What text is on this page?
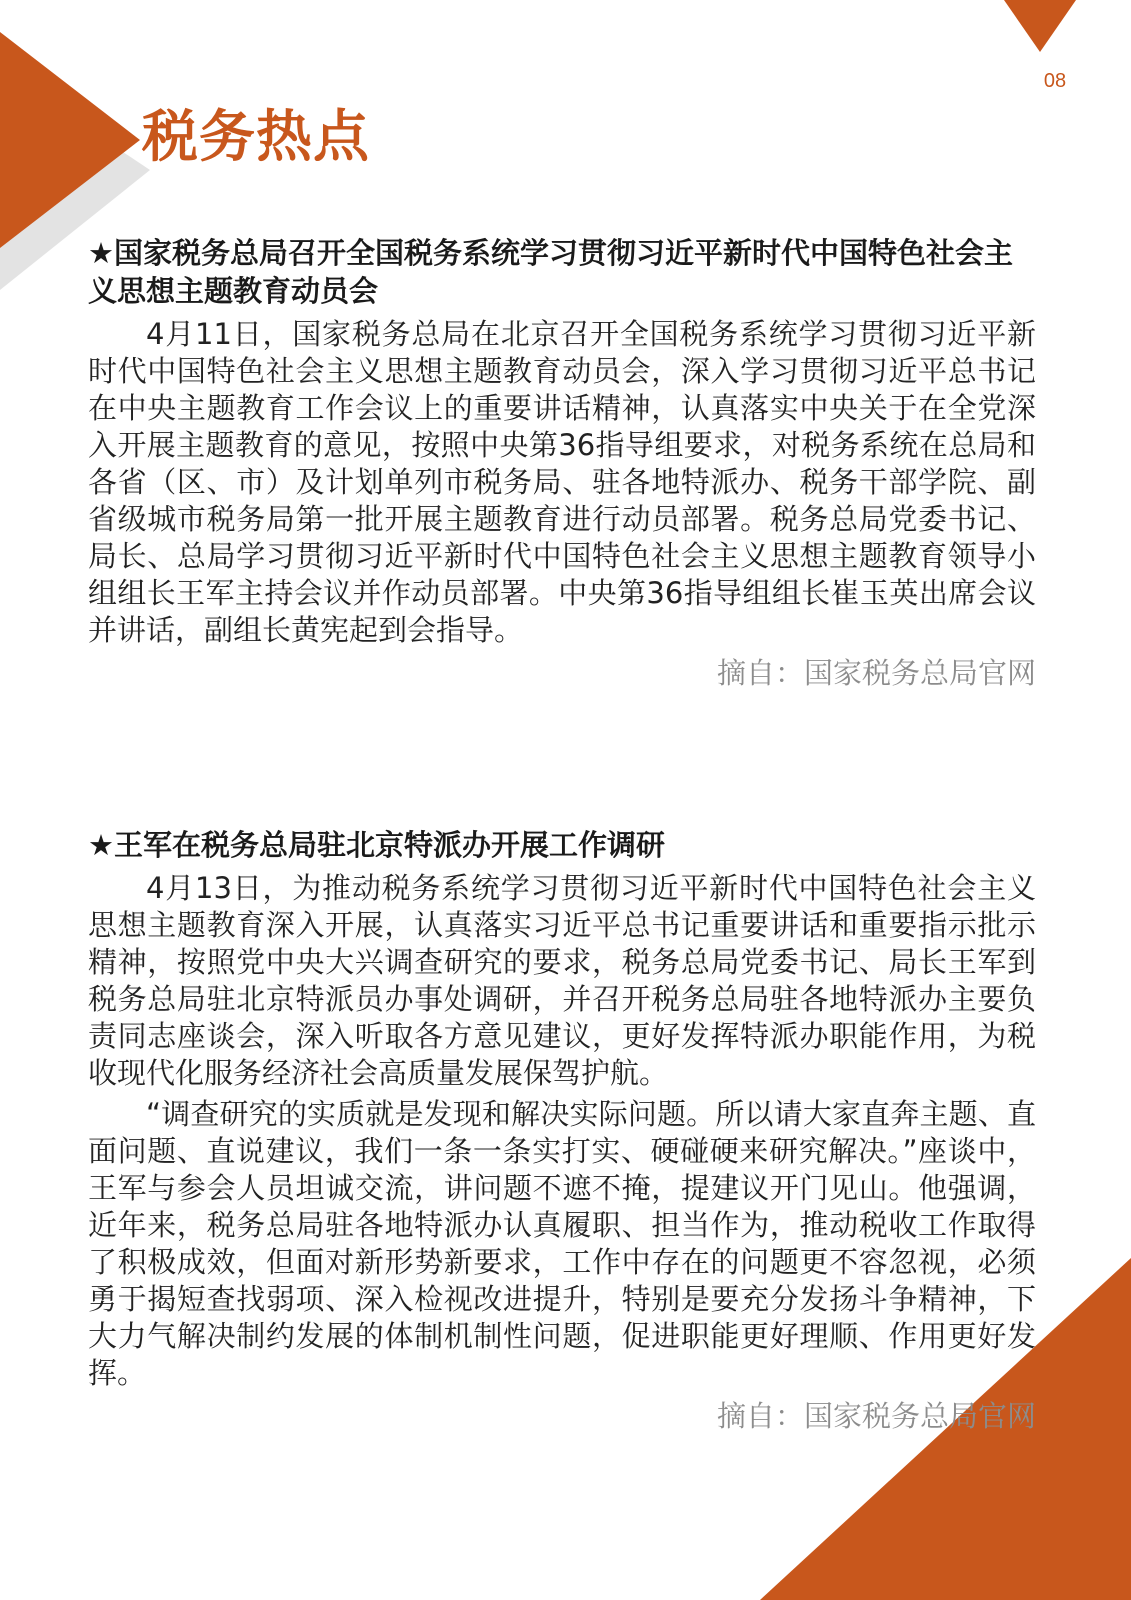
08
税务热点
★国家税务总局召开全国税务系统学习贯彻习近平新时代中国特色社会主义思想主题教育动员会

4月11日，国家税务总局在北京召开全国税务系统学习贯彻习近平新时代中国特色社会主义思想主题教育动员会，深入学习贯彻习近平总书记在中央主题教育工作会议上的重要讲话精神，认真落实中央关于在全党深入开展主题教育的意见，按照中央第36指导组要求，对税务系统在总局和各省（区、市）及计划单列市税务局、驻各地特派办、税务干部学院、副省级城市税务局第一批开展主题教育进行动员部署。税务总局党委书记、局长、总局学习贯彻习近平新时代中国特色社会主义思想主题教育领导小组组长王军主持会议并作动员部署。中央第36指导组组长崔玉英出席会议并讲话，副组长黄宪起到会指导。

摘自：国家税务总局官网
★王军在税务总局驻北京特派办开展工作调研

4月13日，为推动税务系统学习贯彻习近平新时代中国特色社会主义思想主题教育深入开展，认真落实习近平总书记重要讲话和重要指示批示精神，按照党中央大兴调查研究的要求，税务总局党委书记、局长王军到税务总局驻北京特派员办事处调研，并召开税务总局驻各地特派办主要负责同志座谈会，深入听取各方意见建议，更好发挥特派办职能作用，为税收现代化服务经济社会高质量发展保驾护航。

“调查研究的实质就是发现和解决实际问题。所以请大家直奔主题、直面问题、直说建议，我们一条一条实打实、硬碰硬来研究解决。”座谈中，王军与参会人员坦诚交流，讲问题不遮不掩，提建议开门见山。他强调，近年来，税务总局驻各地特派办认真履职、担当作为，推动税收工作取得了积极成效，但面对新形势新要求，工作中存在的问题更不容忽视，必须勇于揭短查找弱项、深入检视改进提升，特别是要充分发扬斗争精神，下大力气解决制约发展的体制机制性问题，促进职能更好理顺、作用更好发挥。

摘自：国家税务总局官网
